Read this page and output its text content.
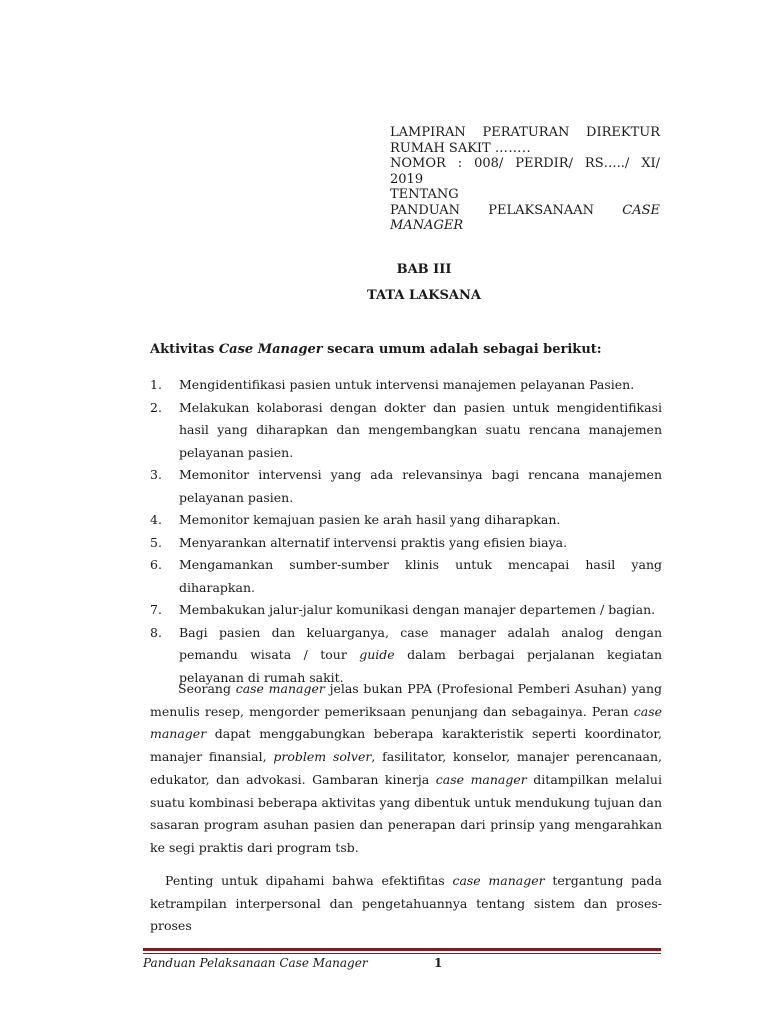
LAMPIRAN PERATURAN DIREKTUR
RUMAH SAKIT ……..
NOMOR : 008/ PERDIR/ RS…../ XI/
2019
TENTANG
PANDUAN PELAKSANAAN CASE
MANAGER
BAB III
TATA LAKSANA
Aktivitas Case Manager secara umum adalah sebagai berikut:
1. Mengidentifikasi pasien untuk intervensi manajemen pelayanan Pasien.
2. Melakukan kolaborasi dengan dokter dan pasien untuk mengidentifikasi hasil yang diharapkan dan mengembangkan suatu rencana manajemen pelayanan pasien.
3. Memonitor intervensi yang ada relevansinya bagi rencana manajemen pelayanan pasien.
4. Memonitor kemajuan pasien ke arah hasil yang diharapkan.
5. Menyarankan alternatif intervensi praktis yang efisien biaya.
6. Mengamankan sumber-sumber klinis untuk mencapai hasil yang diharapkan.
7. Membakukan jalur-jalur komunikasi dengan manajer departemen / bagian.
8. Bagi pasien dan keluarganya, case manager adalah analog dengan pemandu wisata / tour guide dalam berbagai perjalanan kegiatan pelayanan di rumah sakit.

Seorang case manager jelas bukan PPA (Profesional Pemberi Asuhan) yang menulis resep, mengorder pemeriksaan penunjang dan sebagainya. Peran case manager dapat menggabungkan beberapa karakteristik seperti koordinator, manajer finansial, problem solver, fasilitator, konselor, manajer perencanaan, edukator, dan advokasi. Gambaran kinerja case manager ditampilkan melalui suatu kombinasi beberapa aktivitas yang dibentuk untuk mendukung tujuan dan sasaran program asuhan pasien dan penerapan dari prinsip yang mengarahkan ke segi praktis dari program tsb.

Penting untuk dipahami bahwa efektifitas case manager tergantung pada ketrampilan interpersonal dan pengetahuannya tentang sistem dan proses-proses

Panduan Pelaksanaan Case Manager	1
